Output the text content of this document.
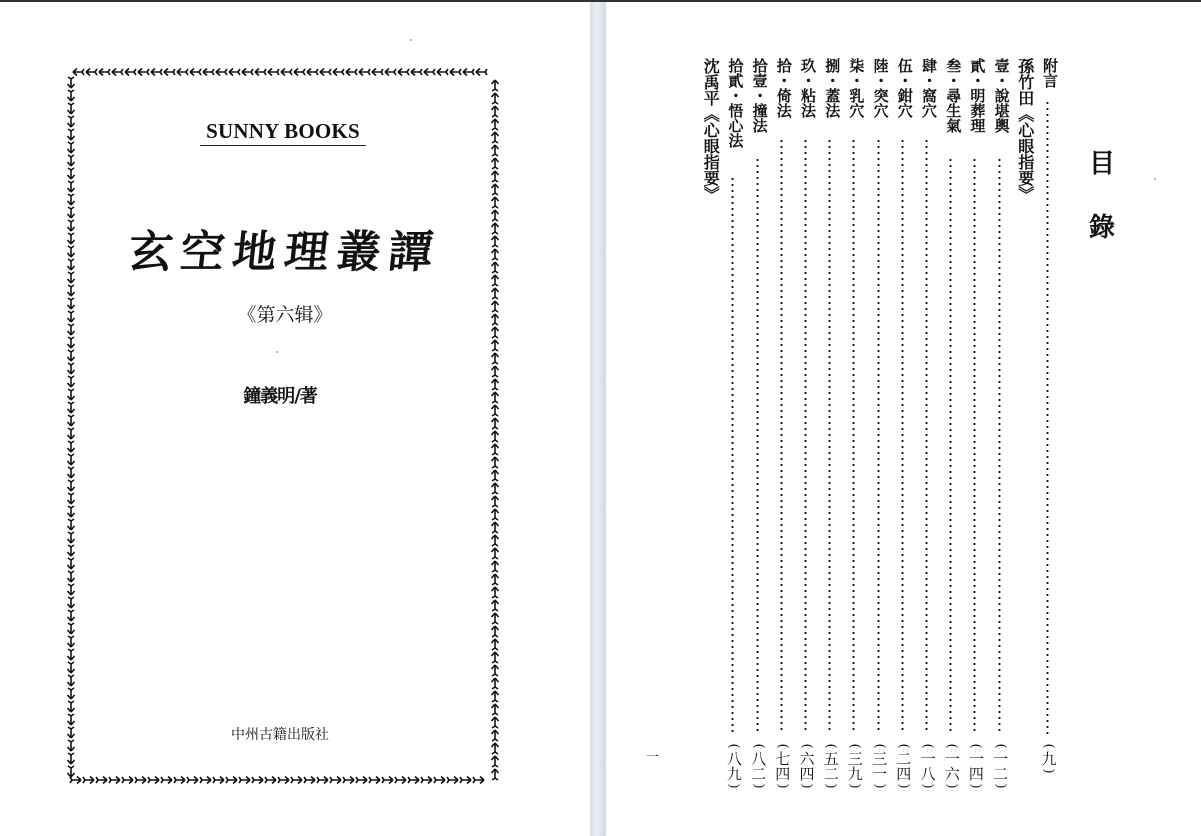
SUNNY BOOKS
玄空地理叢譚
《第六辑》
鐘義明/著
中州古籍出版社
目錄
一
附言
(
九
)
孫竹田《心眼指要》
壹・說堪輿
(
一二
)
貳・明葬理
(
一四
)
叁・尋生氣
(
一六
)
肆・窩穴
(
一八
)
伍・鉗穴
(
二四
)
陸・突穴
(
三一
)
柒・乳穴
(
三九
)
捌・蓋法
(
五二
)
玖・粘法
(
六四
)
拾・倚法
(
七四
)
拾壹・撞法
(
八二
)
拾貳・悟心法
(
八九
)
沈禹平《心眼指要》
